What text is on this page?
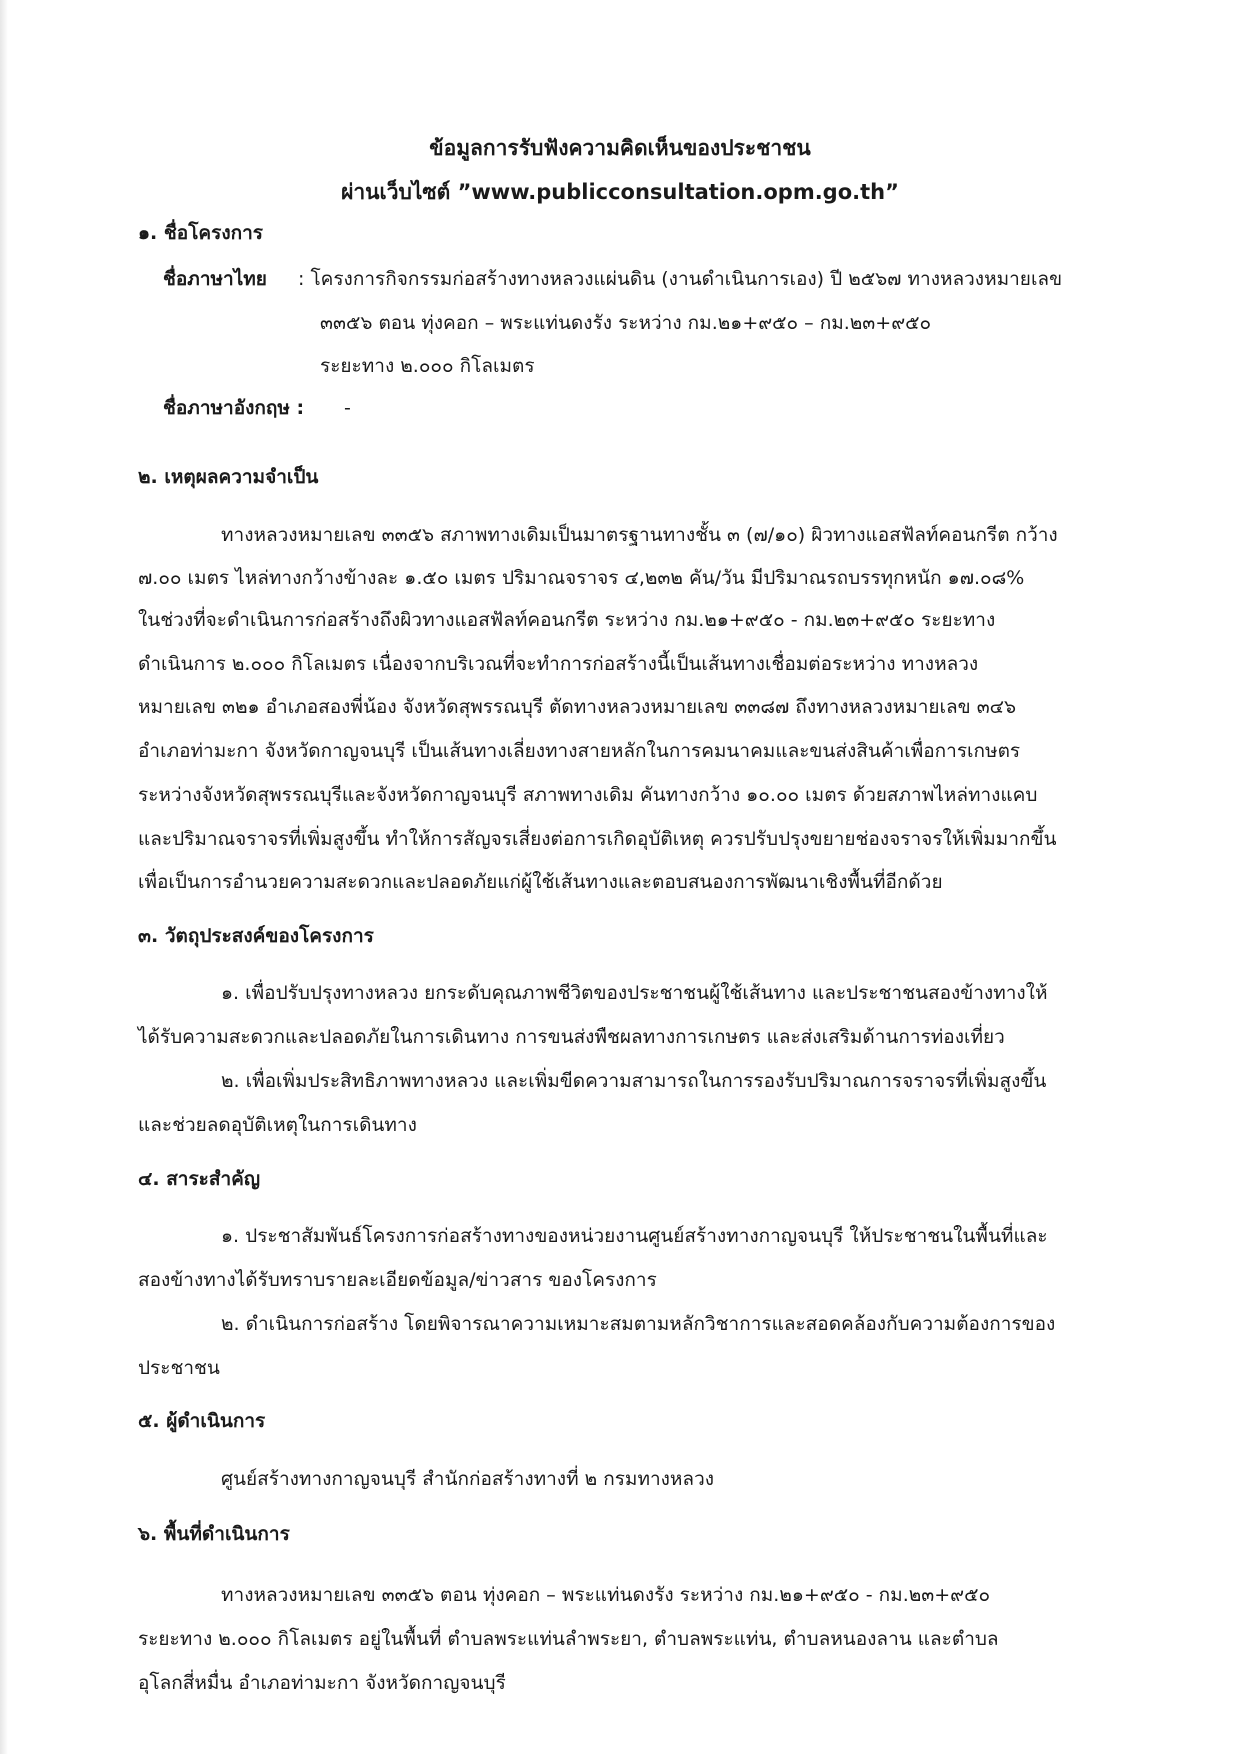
ข้อมูลการรับฟังความคิดเห็นของประชาชน
ผ่านเว็บไซต์ ”www.publicconsultation.opm.go.th”
๑. ชื่อโครงการ
ชื่อภาษาไทย : โครงการกิจกรรมก่อสร้างทางหลวงแผ่นดิน (งานดำเนินการเอง) ปี ๒๕๖๗ ทางหลวงหมายเลข
๓๓๕๖ ตอน ทุ่งคอก – พระแท่นดงรัง ระหว่าง กม.๒๑+๙๕๐ – กม.๒๓+๙๕๐
ระยะทาง ๒.๐๐๐ กิโลเมตร
ชื่อภาษาอังกฤษ : -
๒. เหตุผลความจำเป็น
ทางหลวงหมายเลข ๓๓๕๖ สภาพทางเดิมเป็นมาตรฐานทางชั้น ๓ (๗/๑๐) ผิวทางแอสฟัลท์คอนกรีต กว้าง
๗.๐๐ เมตร ไหล่ทางกว้างข้างละ ๑.๕๐ เมตร ปริมาณจราจร ๔,๒๓๒ คัน/วัน มีปริมาณรถบรรทุกหนัก ๑๗.๐๘%
ในช่วงที่จะดำเนินการก่อสร้างถึงผิวทางแอสฟัลท์คอนกรีต ระหว่าง กม.๒๑+๙๕๐ - กม.๒๓+๙๕๐ ระยะทาง
ดำเนินการ ๒.๐๐๐ กิโลเมตร เนื่องจากบริเวณที่จะทำการก่อสร้างนี้เป็นเส้นทางเชื่อมต่อระหว่าง ทางหลวง
หมายเลข ๓๒๑ อำเภอสองพี่น้อง จังหวัดสุพรรณบุรี ตัดทางหลวงหมายเลข ๓๓๘๗ ถึงทางหลวงหมายเลข ๓๔๖
อำเภอท่ามะกา จังหวัดกาญจนบุรี เป็นเส้นทางเลี่ยงทางสายหลักในการคมนาคมและขนส่งสินค้าเพื่อการเกษตร
ระหว่างจังหวัดสุพรรณบุรีและจังหวัดกาญจนบุรี สภาพทางเดิม คันทางกว้าง ๑๐.๐๐ เมตร ด้วยสภาพไหล่ทางแคบ
และปริมาณจราจรที่เพิ่มสูงขึ้น ทำให้การสัญจรเสี่ยงต่อการเกิดอุบัติเหตุ ควรปรับปรุงขยายช่องจราจรให้เพิ่มมากขึ้น
เพื่อเป็นการอำนวยความสะดวกและปลอดภัยแก่ผู้ใช้เส้นทางและตอบสนองการพัฒนาเชิงพื้นที่อีกด้วย
๓. วัตถุประสงค์ของโครงการ
๑. เพื่อปรับปรุงทางหลวง ยกระดับคุณภาพชีวิตของประชาชนผู้ใช้เส้นทาง และประชาชนสองข้างทางให้
ได้รับความสะดวกและปลอดภัยในการเดินทาง การขนส่งพืชผลทางการเกษตร และส่งเสริมด้านการท่องเที่ยว
๒. เพื่อเพิ่มประสิทธิภาพทางหลวง และเพิ่มขีดความสามารถในการรองรับปริมาณการจราจรที่เพิ่มสูงขึ้น
และช่วยลดอุบัติเหตุในการเดินทาง
๔. สาระสำคัญ
๑. ประชาสัมพันธ์โครงการก่อสร้างทางของหน่วยงานศูนย์สร้างทางกาญจนบุรี ให้ประชาชนในพื้นที่และ
สองข้างทางได้รับทราบรายละเอียดข้อมูล/ข่าวสาร ของโครงการ
๒. ดำเนินการก่อสร้าง โดยพิจารณาความเหมาะสมตามหลักวิชาการและสอดคล้องกับความต้องการของ
ประชาชน
๕. ผู้ดำเนินการ
ศูนย์สร้างทางกาญจนบุรี สำนักก่อสร้างทางที่ ๒ กรมทางหลวง
๖. พื้นที่ดำเนินการ
ทางหลวงหมายเลข ๓๓๕๖ ตอน ทุ่งคอก – พระแท่นดงรัง ระหว่าง กม.๒๑+๙๕๐ - กม.๒๓+๙๕๐
ระยะทาง ๒.๐๐๐ กิโลเมตร อยู่ในพื้นที่ ตำบลพระแท่นลำพระยา, ตำบลพระแท่น, ตำบลหนองลาน และตำบล
อุโลกสี่หมื่น อำเภอท่ามะกา จังหวัดกาญจนบุรี
